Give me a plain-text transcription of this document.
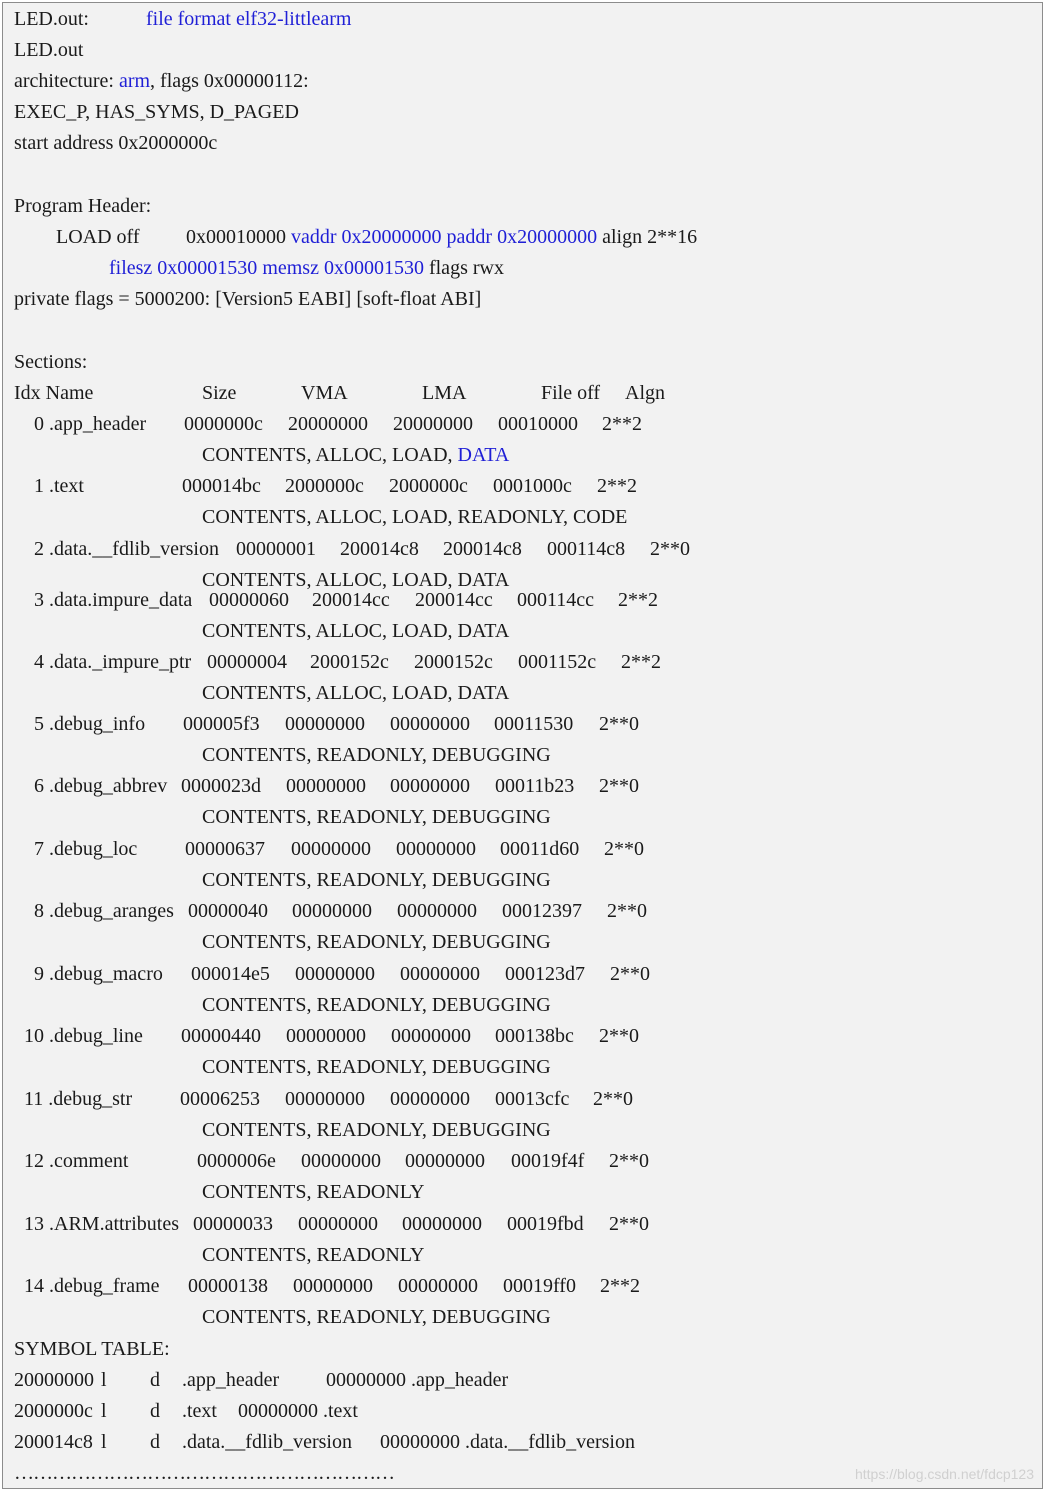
LED.out:	file format elf32-littlearm
LED.out
architecture: arm, flags 0x00000112:
EXEC_P, HAS_SYMS, D_PAGED
start address 0x2000000c
Program Header:
LOAD off 0x00010000 vaddr 0x20000000 paddr 0x20000000 align 2**16
filesz 0x00001530 memsz 0x00001530 flags rwx
private flags = 5000200: [Version5 EABI] [soft-float ABI]
Sections:
Idx Name	Size	VMA	LMA	File off Algn
0 .app_header 0000000c 20000000 20000000 00010000 2**2
CONTENTS, ALLOC, LOAD, DATA
1 .text	000014bc 2000000c 2000000c 0001000c 2**2
CONTENTS, ALLOC, LOAD, READONLY, CODE
2 .data.__fdlib_version 00000001 200014c8 200014c8 000114c8 2**0
CONTENTS, ALLOC, LOAD, DATA
3 .data.impure_data 00000060 200014cc 200014cc 000114cc 2**2
CONTENTS, ALLOC, LOAD, DATA
4 .data._impure_ptr 00000004 2000152c 2000152c 0001152c 2**2
CONTENTS, ALLOC, LOAD, DATA
5 .debug_info 000005f3 00000000 00000000 00011530 2**0
CONTENTS, READONLY, DEBUGGING
6 .debug_abbrev 0000023d 00000000 00000000 00011b23 2**0
CONTENTS, READONLY, DEBUGGING
7 .debug_loc 00000637 00000000 00000000 00011d60 2**0
CONTENTS, READONLY, DEBUGGING
8 .debug_aranges 00000040 00000000 00000000 00012397 2**0
CONTENTS, READONLY, DEBUGGING
9 .debug_macro 000014e5 00000000 00000000 000123d7 2**0
CONTENTS, READONLY, DEBUGGING
10 .debug_line 00000440 00000000 00000000 000138bc 2**0
CONTENTS, READONLY, DEBUGGING
11 .debug_str 00006253 00000000 00000000 00013cfc 2**0
CONTENTS, READONLY, DEBUGGING
12 .comment	0000006e 00000000 00000000 00019f4f 2**0
CONTENTS, READONLY
13 .ARM.attributes 00000033 00000000 00000000 00019fbd 2**0
CONTENTS, READONLY
14 .debug_frame 00000138 00000000 00000000 00019ff0 2**2
CONTENTS, READONLY, DEBUGGING
SYMBOL TABLE:
20000000 l d .app_header 00000000 .app_header
2000000c l d .text 00000000 .text
200014c8 l d .data.__fdlib_version 00000000 .data.__fdlib_version
……………………………………………………	https://blog.csdn.net/fdcp123
